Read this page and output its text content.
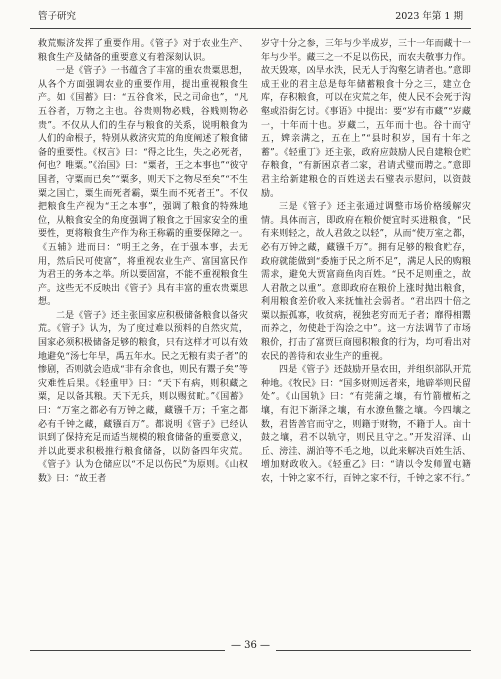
管子研究	2023 年第 1 期

救荒赈济发挥了重要作用。《管子》对于农业生产、粮食生产及储备的重要意义有着深刻认识。

一是《管子》一书蕴含了丰富的重农贵粟思想，从各个方面强调农业的重要作用，提出重视粮食生产。如《国蓄》曰：“五谷食米，民之司命也”，“凡五谷者，万物之主也。谷贵则物必贱，谷贱则物必贵”。不仅从人们的生存与粮食的关系，说明粮食为人们的命根子，特别从救济灾荒的角度阐述了粮食储备的重要性。《权言》曰：“得之比生，失之必死者，何也？唯粟。”《治国》曰：“粟者，王之本事也”“彼守国者，守粟而已矣”“粟多，则天下之物尽至矣”“不生粟之国亡，粟生而死者霸，粟生而不死者王”。不仅把粮食生产视为“王之本事”，强调了粮食的特殊地位，从粮食安全的角度强调了粮食之于国家安全的重要性，更将粮食生产作为称王称霸的重要保障之一。《五辅》进而曰：“明王之务，在于强本事，去无用，然后民可使富”，将重视农业生产、富国富民作为君王的务本之举。所以要固富，不能不重视粮食生产。这些无不反映出《管子》具有丰富的重农贵粟思想。

二是《管子》还主张国家应积极储备粮食以备灾荒。《管子》认为，为了度过难以预料的自然灾荒，国家必须积极储备足够的粮食，只有这样才可以有效地避免“汤七年旱，禹五年水。民之无粮有卖子者”的惨剧，否则就会造成“非有余食也，则民有鬻子矣”等灾难性后果。《轻重甲》曰：“天下有病，则积藏之粟，足以备其粮。天下无兵，则以赐贫甿。”《国蓄》曰：“万室之都必有万钟之藏，藏镪千万；千室之都必有千钟之藏，藏镪百万”。都说明《管子》已经认识到了保持充足而适当规模的粮食储备的重要意义，并以此要求积极推行粮食储备，以防备四年灾荒。《管子》认为仓储应以“不足以伤民”为原则。《山权数》曰：“故王者

岁守十分之参，三年与少半成岁，三十一年而藏十一年与少半。藏三之一不足以伤民，而农夫敬事力作。故天毁寒，凶旱水泆，民无人于沟壑乞请者也。”意即成王业的君主总是每年储蓄粮食十分之三，建立仓库，存积粮食，可以在灾荒之年，使人民不会死于沟壑或沿街乞讨。《事语》中提出：要“岁有市藏”“岁藏一，十年而十也。岁藏二，五年而十也。谷十而守五，婢亲满之，五在上”“县时积岁，国有十年之蓄”。《轻重丁》还主张，政府应鼓励人民自建粮仓贮存粮食，“有新困京者二家，君请式璧而聘之。”意即君主给新建粮仓的百姓送去石璧表示慰问，以资鼓励。

三是《管子》还主张通过调整市场价格缓解灾情。具体而言，即政府在粮价便宜时买进粮食，“民有来则轻之，故人君敛之以轻”，从而“使万室之都，必有万钟之藏，藏镪千万”。拥有足够的粮食贮存，政府就能做到“委施于民之所不足”，满足人民的购粮需求，避免大贾富商鱼肉百姓。“民不足则重之，故人君散之以重”。意即政府在粮价上涨时抛出粮食，利用粮食差价收入来抚恤社会弱者。“君出四十倍之粟以振孤寡，收贫病，视独老穷而无子者；靡得相鬻而养之，勿使赴于沟浍之中”。这一方法调节了市场粮价，打击了富贾巨商囤积粮食的行为，均可看出对农民的善待和农业生产的重视。

四是《管子》还鼓励开垦农田，并组织部队开荒种地。《牧民》曰：“国多财则远者来，地辟举则民留处”。《山国轨》曰：“有莞蒲之壤，有竹箭檀柘之壤，有氾下渐泽之壤，有水潦鱼鳖之壤。今四壤之数，君皆善官而守之，则籍于财物，不籍于人。亩十鼓之壤，君不以轨守，则民且守之。”开发沼泽、山丘、滂洼、湖泊等不毛之地，以此来解决百姓生活、增加财政收入。《轻重乙》曰：“请以令发师置屯籍农，十钟之家不行，百钟之家不行，千钟之家不行。”

— 36 —
